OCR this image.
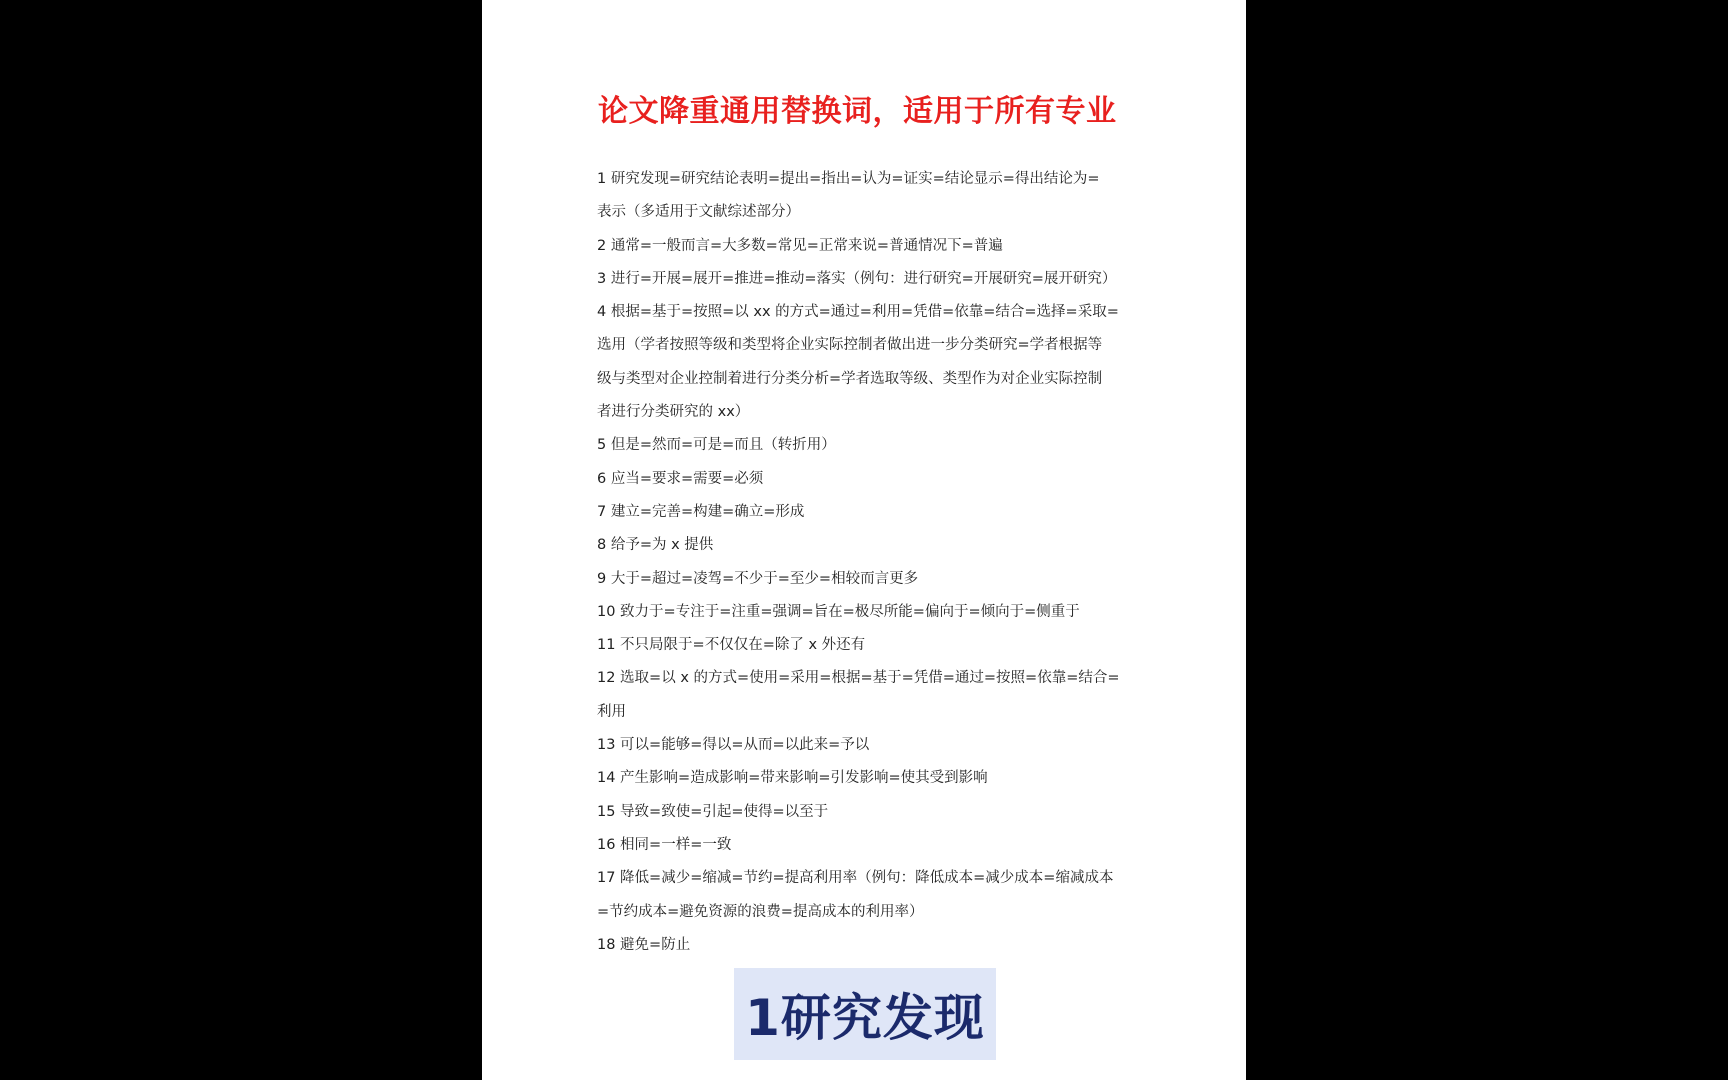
论文降重通用替换词，适用于所有专业
1 研究发现=研究结论表明=提出=指出=认为=证实=结论显示=得出结论为=
表示（多适用于文献综述部分）
2 通常=一般而言=大多数=常见=正常来说=普通情况下=普遍
3 进行=开展=展开=推进=推动=落实（例句：进行研究=开展研究=展开研究）
4 根据=基于=按照=以 xx 的方式=通过=利用=凭借=依靠=结合=选择=采取=
选用（学者按照等级和类型将企业实际控制者做出进一步分类研究=学者根据等
级与类型对企业控制着进行分类分析=学者选取等级、类型作为对企业实际控制
者进行分类研究的 xx）
5 但是=然而=可是=而且（转折用）
6 应当=要求=需要=必须
7 建立=完善=构建=确立=形成
8 给予=为 x 提供
9 大于=超过=凌驾=不少于=至少=相较而言更多
10 致力于=专注于=注重=强调=旨在=极尽所能=偏向于=倾向于=侧重于
11 不只局限于=不仅仅在=除了 x 外还有
12 选取=以 x 的方式=使用=采用=根据=基于=凭借=通过=按照=依靠=结合=
利用
13 可以=能够=得以=从而=以此来=予以
14 产生影响=造成影响=带来影响=引发影响=使其受到影响
15 导致=致使=引起=使得=以至于
16 相同=一样=一致
17 降低=减少=缩减=节约=提高利用率（例句：降低成本=减少成本=缩减成本
=节约成本=避免资源的浪费=提高成本的利用率）
18 避免=防止
1研究发现
